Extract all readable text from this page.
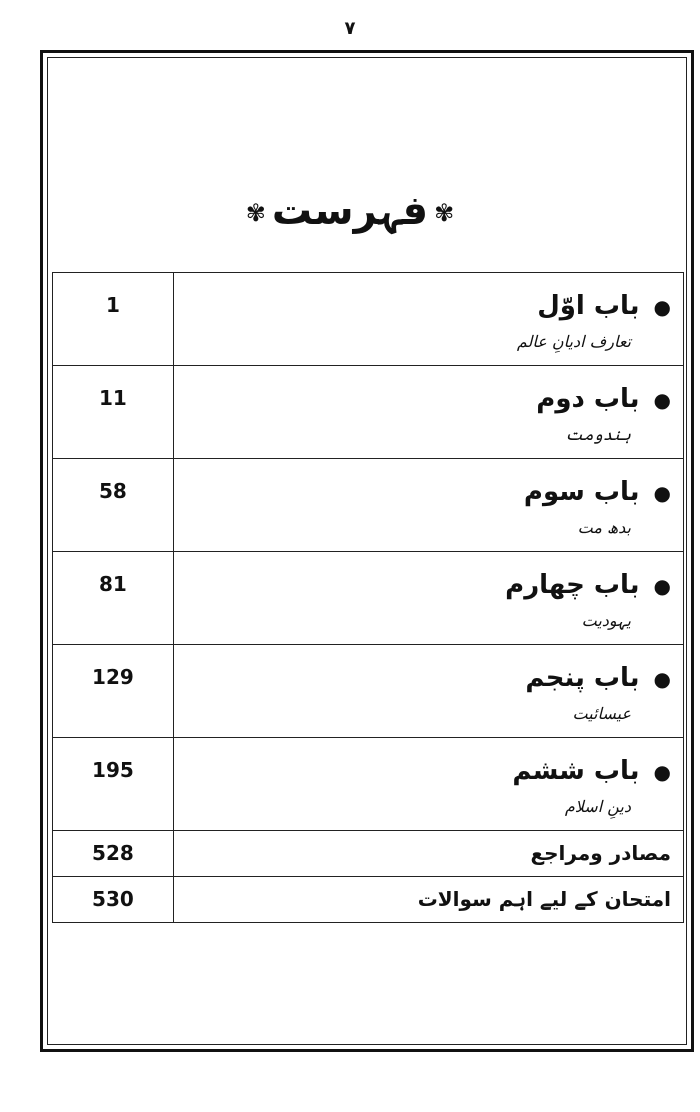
۷
✾فہرست✾
●باب اوّل
تعارف ادیانِ عالم	1

●باب دوم
ہندومت	11

●باب سوم
بدھ مت	58

●باب چھارم
یہودیت	81

●باب پنجم
عیسائیت	129

●باب ششم
دینِ اسلام	195

مصادر ومراجع	528

امتحان کے لیے اہم سوالات	530
